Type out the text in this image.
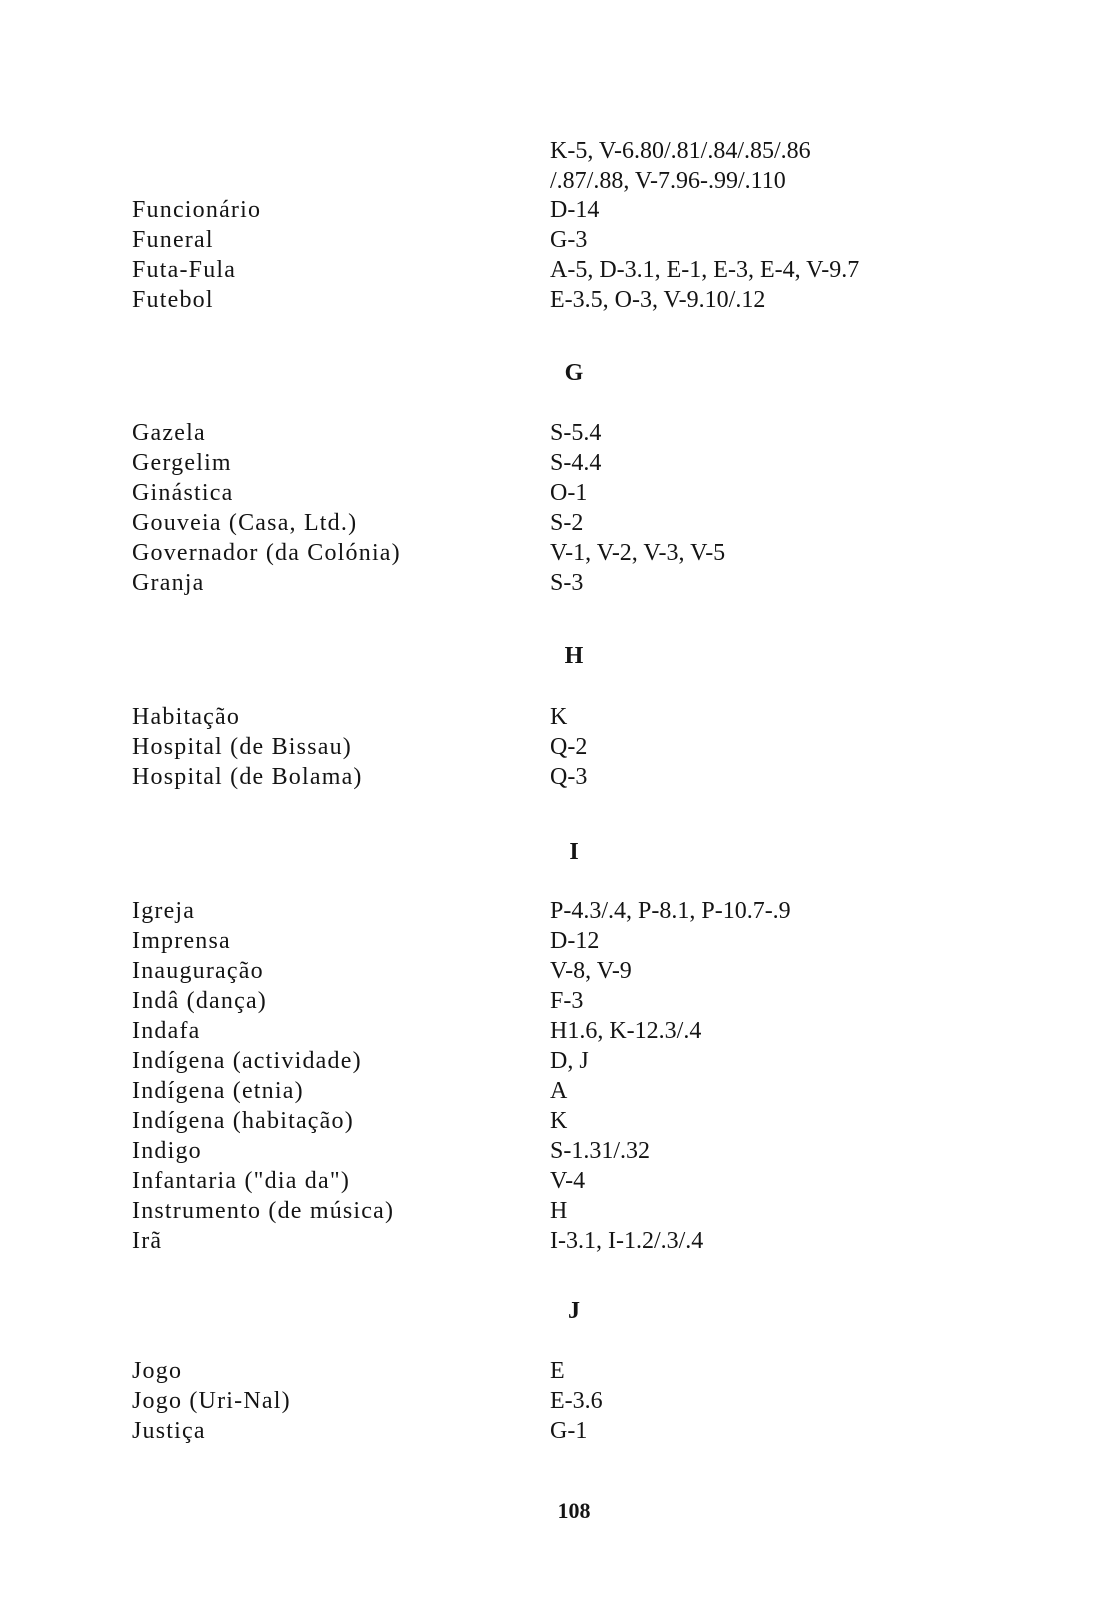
K-5, V-6.80/.81/.84/.85/.86
/.87/.88, V-7.96-.99/.110
Funcionário	D-14
Funeral	G-3
Futa-Fula	A-5, D-3.1, E-1, E-3, E-4, V-9.7
Futebol	E-3.5, O-3, V-9.10/.12
G
Gazela	S-5.4
Gergelim	S-4.4
Ginástica	O-1
Gouveia (Casa, Ltd.)	S-2
Governador (da Colónia)	V-1, V-2, V-3, V-5
Granja	S-3
H
Habitação	K
Hospital (de Bissau)	Q-2
Hospital (de Bolama)	Q-3
I
Igreja	P-4.3/.4, P-8.1, P-10.7-.9
Imprensa	D-12
Inauguração	V-8, V-9
Indâ (dança)	F-3
Indafa	H1.6, K-12.3/.4
Indígena (actividade)	D, J
Indígena (etnia)	A
Indígena (habitação)	K
Indigo	S-1.31/.32
Infantaria ("dia da")	V-4
Instrumento (de música)	H
Irã	I-3.1, I-1.2/.3/.4
J
Jogo	E
Jogo (Uri-Nal)	E-3.6
Justiça	G-1
108
